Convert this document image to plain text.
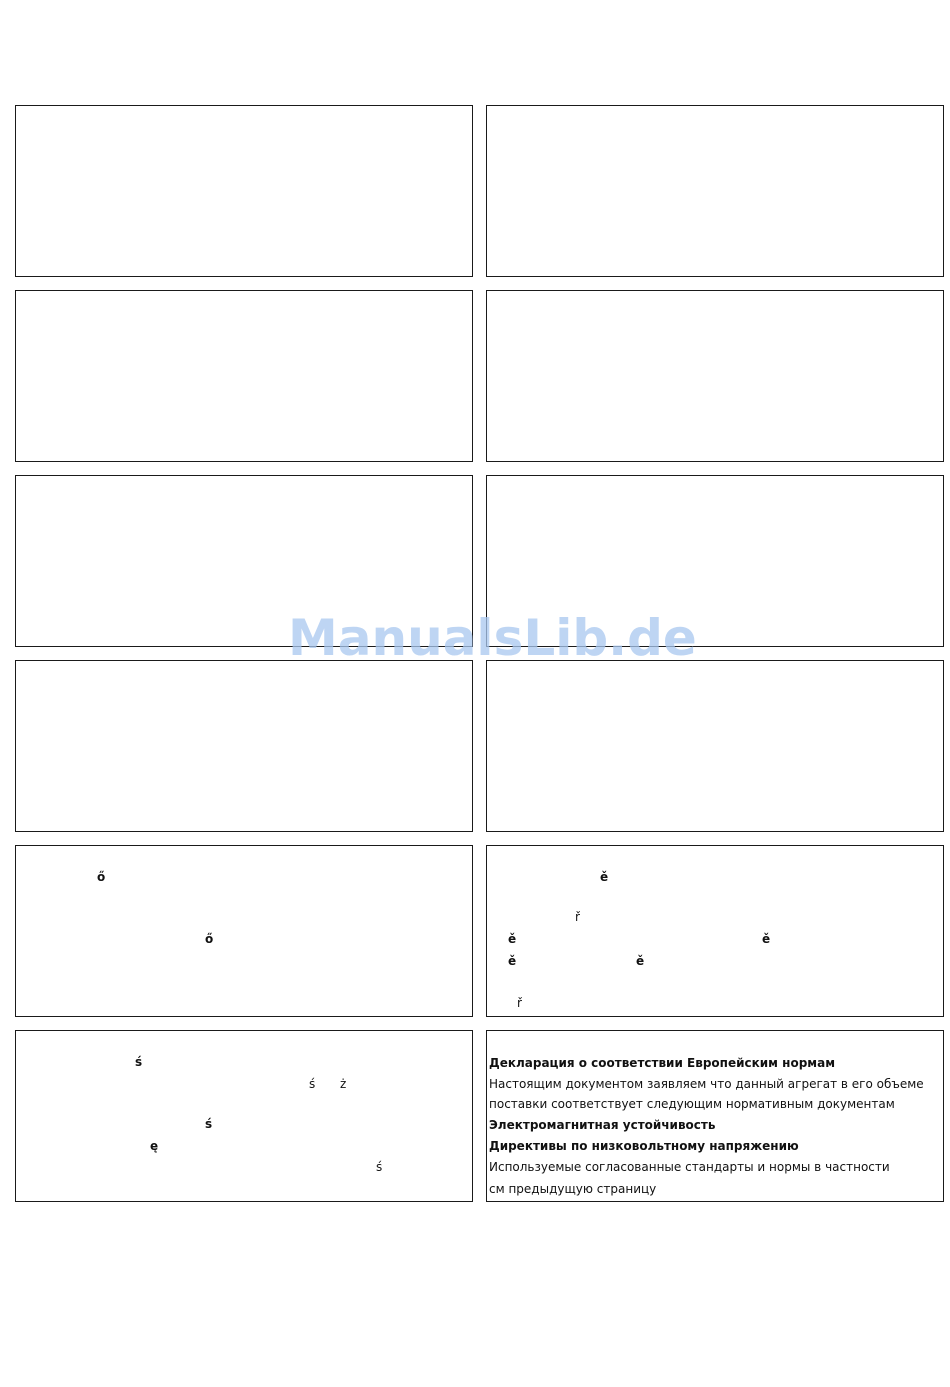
ő
ő
ě
ř
ě	ě
ě	ě
ř
ś
ś ż
ś
ę
ś
Декларация о соответствии Европейским нормам
Настоящим документом заявляем что данный агрегат в его объеме
поставки соответствует следующим нормативным документам
Электромагнитная устойчивость
Директивы по низковольтному напряжению
Используемые согласованные стандарты и нормы в частности
см предыдущую страницу
ManualsLib.de
